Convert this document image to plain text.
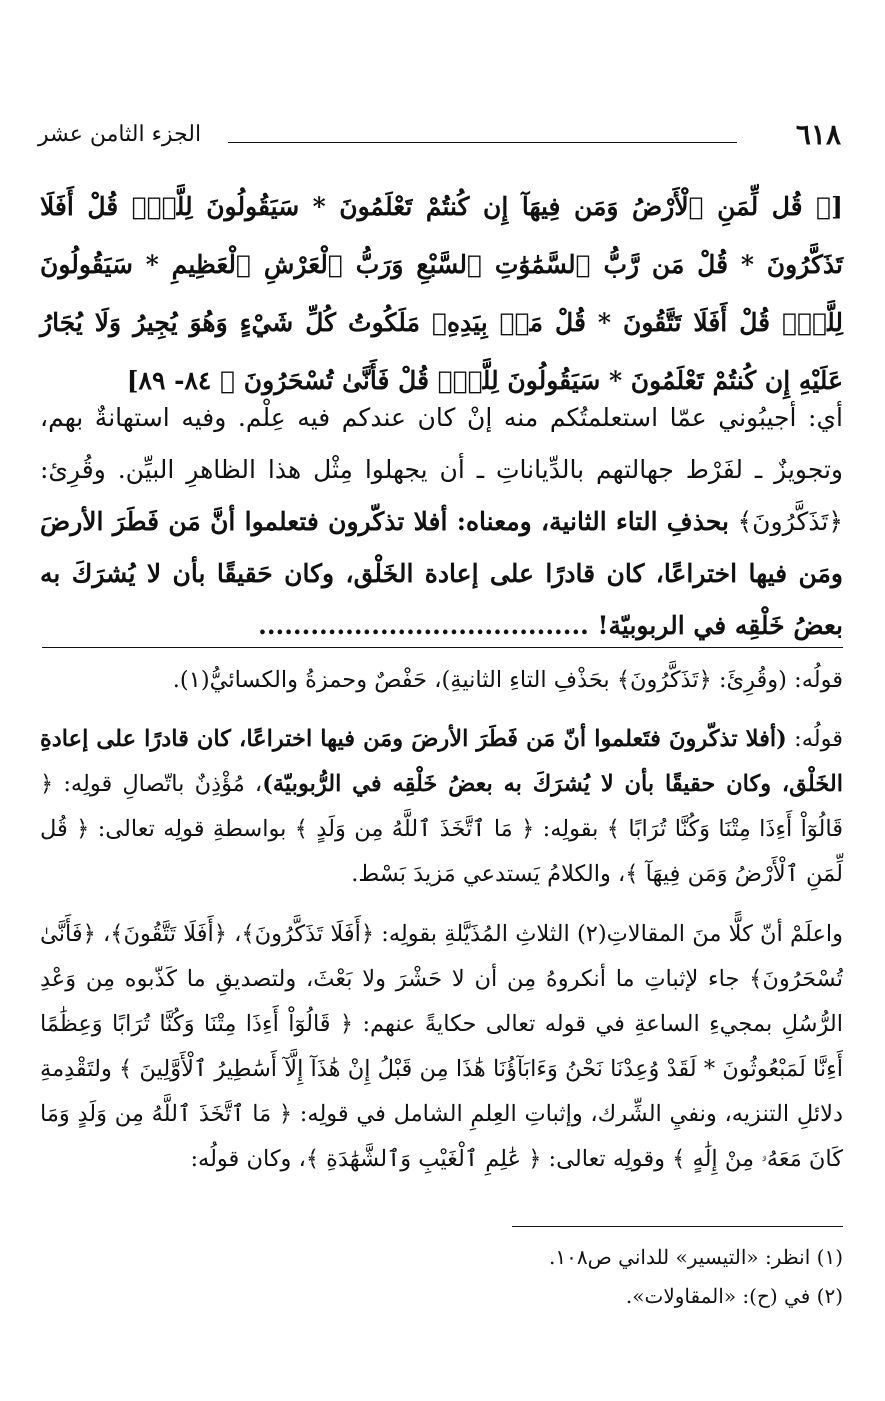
٦١٨
الجزء الثامن عشر
[﴿ قُل لِّمَنِ ٱلْأَرْضُ وَمَن فِيهَآ إِن كُنتُمْ تَعْلَمُونَ * سَيَقُولُونَ لِلَّهِۚ قُلْ أَفَلَا تَذَكَّرُونَ * قُلْ مَن رَّبُّ ٱلسَّمَٰوَٰتِ ٱلسَّبْعِ وَرَبُّ ٱلْعَرْشِ ٱلْعَظِيمِ * سَيَقُولُونَ لِلَّهِۚ قُلْ أَفَلَا تَتَّقُونَ * قُلْ مَنۢ بِيَدِهِۦ مَلَكُوتُ كُلِّ شَيْءٍ وَهُوَ يُجِيرُ وَلَا يُجَارُ عَلَيْهِ إِن كُنتُمْ تَعْلَمُونَ * سَيَقُولُونَ لِلَّهِۚ قُلْ فَأَنَّىٰ تُسْحَرُونَ ﴾ ٨٤- ٨٩]
أي: أجيبُوني عمّا استعلمتُكم منه إنْ كان عندكم فيه عِلْم. وفيه استهانةٌ بهم، وتجويزٌ ـ لفَرْط جهالتهم بالدِّياناتِ ـ أن يجهلوا مِثْل هذا الظاهرِ البيِّن. وقُرِئ: ﴿تَذَكَّرُونَ﴾ بحذفِ التاء الثانية، ومعناه: أفلا تذكّرون فتعلموا أنَّ مَن فَطَرَ الأرضَ ومَن فيها اختراعًا، كان قادرًا على إعادة الخَلْق، وكان حَقيقًا بأن لا يُشرَكَ به بعضُ خَلْقِه في الربوبيّة! ......................................
قولُه: (وقُرِئَ: ﴿تَذَكَّرُونَ﴾ بحَذْفِ التاءِ الثانيةِ)، حَفْصٌ وحمزةُ والكسائيُّ(١).
قولُه: (أفلا تذكّرونَ فتَعلموا أنّ مَن فَطَرَ الأرضَ ومَن فيها اختراعًا، كان قادرًا على إعادةِ الخَلْق، وكان حقيقًا بأن لا يُشرَكَ به بعضُ خَلْقِه في الرُّبوبيّة)، مُؤْذِنٌ باتّصالِ قولِه: ﴿ قَالُوٓاْ أَءِذَا مِتْنَا وَكُنَّا تُرَابًا ﴾ بقولِه: ﴿ مَا ٱتَّخَذَ ٱللَّهُ مِن وَلَدٍ ﴾ بواسطةِ قولِه تعالى: ﴿ قُل لِّمَنِ ٱلْأَرْضُ وَمَن فِيهَآ ﴾، والكلامُ يَستدعي مَزيدَ بَسْط.
واعلَمْ أنّ كلًّا منَ المقالاتِ(٢) الثلاثِ المُذَيَّلةِ بقولِه: ﴿أَفَلَا تَذَكَّرُونَ﴾، ﴿أَفَلَا تَتَّقُونَ﴾، ﴿فَأَنَّىٰ تُسْحَرُونَ﴾ جاء لإثباتِ ما أنكروهُ مِن أن لا حَشْرَ ولا بَعْثَ، ولتصديقِ ما كَذّبوه مِن وَعْدِ الرُّسُلِ بمجيءِ الساعةِ في قوله تعالى حكايةً عنهم: ﴿ قَالُوٓاْ أَءِذَا مِتْنَا وَكُنَّا تُرَابًا وَعِظَٰمًا أَءِنَّا لَمَبْعُوثُونَ * لَقَدْ وُعِدْنَا نَحْنُ وَءَابَآؤُنَا هَٰذَا مِن قَبْلُ إِنْ هَٰذَآ إِلَّآ أَسَٰطِيرُ ٱلْأَوَّلِينَ ﴾ ولتَقْدِمةِ دلائلِ التنزيه، ونفيِ الشِّرك، وإثباتِ العِلمِ الشامل في قولِه: ﴿ مَا ٱتَّخَذَ ٱللَّهُ مِن وَلَدٍ وَمَا كَانَ مَعَهُۥ مِنْ إِلَٰهٍ ﴾ وقولِه تعالى: ﴿ عَٰلِمِ ٱلْغَيْبِ وَٱلشَّهَٰدَةِ ﴾، وكان قولُه:
(١) انظر: «التيسير» للداني ص١٠٨.
(٢) في (ح): «المقاولات».
